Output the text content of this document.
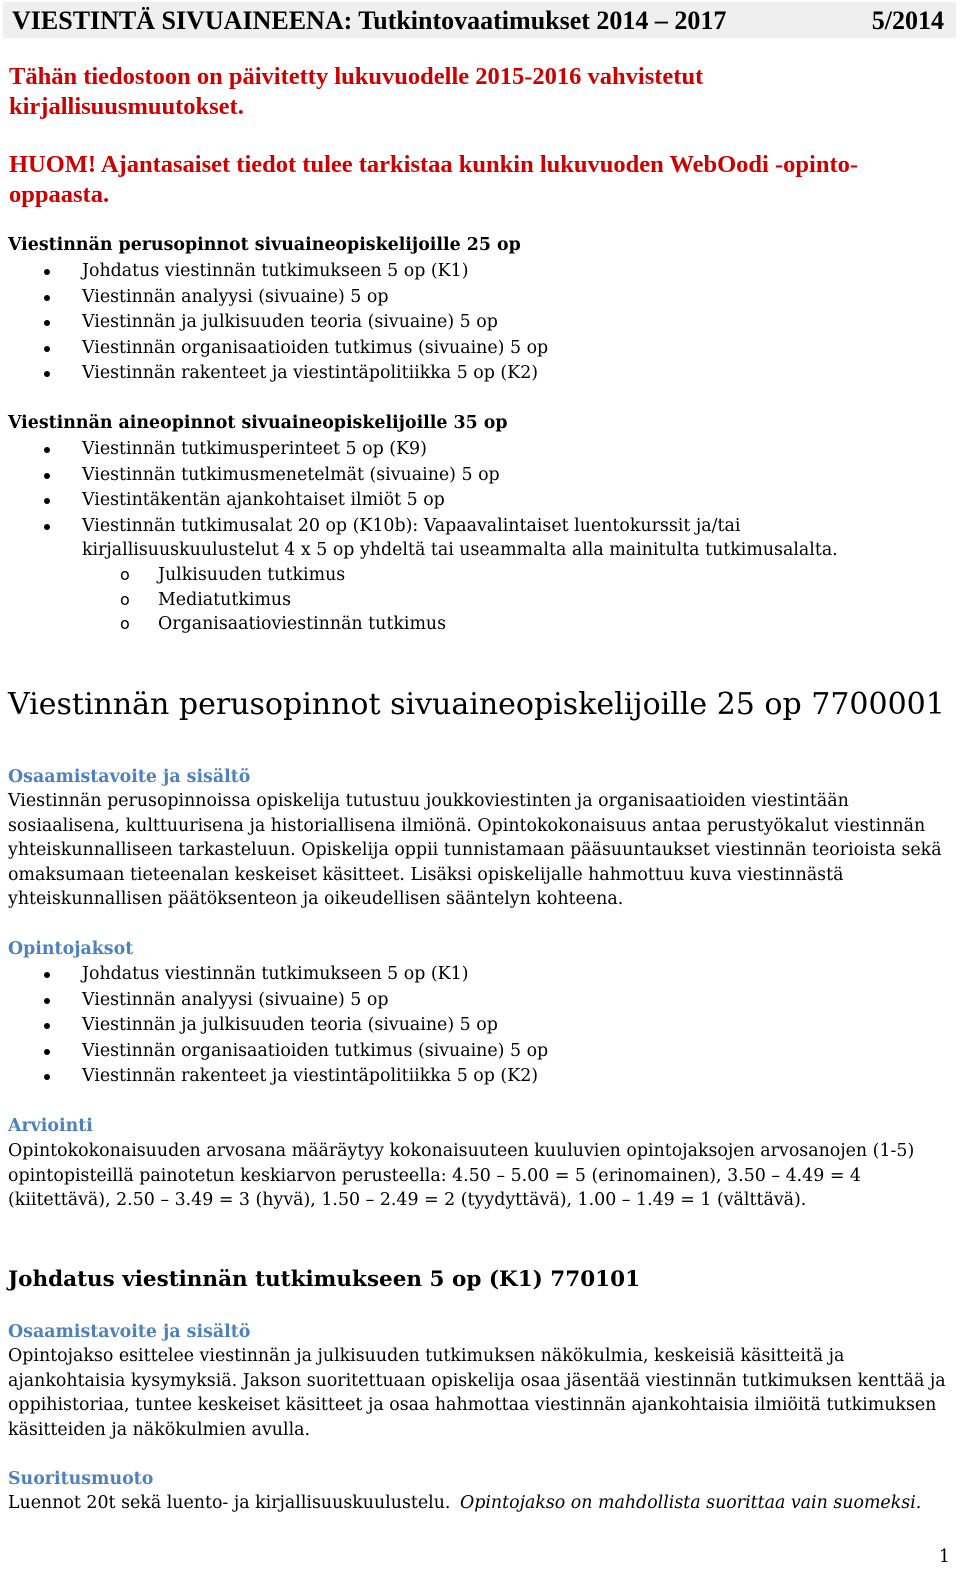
VIESTINTÄ SIVUAINEENA: Tutkintovaatimukset 2014 – 2017	5/2014

Tähän tiedostoon on päivitetty lukuvuodelle 2015-2016 vahvistetut kirjallisuusmuutokset.

HUOM! Ajantasaiset tiedot tulee tarkistaa kunkin lukuvuoden WebOodi -opinto-oppaasta.

Viestinnän perusopinnot sivuaineopiskelijoille 25 op
Johdatus viestinnän tutkimukseen 5 op (K1)
Viestinnän analyysi (sivuaine) 5 op
Viestinnän ja julkisuuden teoria (sivuaine) 5 op
Viestinnän organisaatioiden tutkimus (sivuaine) 5 op
Viestinnän rakenteet ja viestintäpolitiikka 5 op (K2)
Viestinnän aineopinnot sivuaineopiskelijoille 35 op
Viestinnän tutkimusperinteet 5 op (K9)
Viestinnän tutkimusmenetelmät (sivuaine) 5 op
Viestintäkentän ajankohtaiset ilmiöt 5 op
Viestinnän tutkimusalat 20 op (K10b): Vapaavalintaiset luentokurssit ja/tai kirjallisuuskuulustelut 4 x 5 op yhdeltä tai useammalta alla mainitulta tutkimusalalta.
o Julkisuuden tutkimus
o Mediatutkimus
o Organisaatioviestinnän tutkimus
Viestinnän perusopinnot sivuaineopiskelijoille 25 op 7700001
Osaamistavoite ja sisältö

Viestinnän perusopinnoissa opiskelija tutustuu joukkoviestinten ja organisaatioiden viestintään sosiaalisena, kulttuurisena ja historiallisena ilmiönä. Opintokokonaisuus antaa perustyökalut viestinnän yhteiskunnalliseen tarkasteluun. Opiskelija oppii tunnistamaan pääsuuntaukset viestinnän teorioista sekä omaksumaan tieteenalan keskeiset käsitteet. Lisäksi opiskelijalle hahmottuu kuva viestinnästä yhteiskunnallisen päätöksenteon ja oikeudellisen sääntelyn kohteena.

Opintojaksot
Johdatus viestinnän tutkimukseen 5 op (K1)
Viestinnän analyysi (sivuaine) 5 op
Viestinnän ja julkisuuden teoria (sivuaine) 5 op
Viestinnän organisaatioiden tutkimus (sivuaine) 5 op
Viestinnän rakenteet ja viestintäpolitiikka 5 op (K2)
Arviointi

Opintokokonaisuuden arvosana määräytyy kokonaisuuteen kuuluvien opintojaksojen arvosanojen (1-5) opintopisteillä painotetun keskiarvon perusteella: 4.50 – 5.00 = 5 (erinomainen), 3.50 – 4.49 = 4 (kiitettävä), 2.50 – 3.49 = 3 (hyvä), 1.50 – 2.49 = 2 (tyydyttävä), 1.00 – 1.49 = 1 (välttävä).

Johdatus viestinnän tutkimukseen 5 op (K1) 770101
Osaamistavoite ja sisältö

Opintojakso esittelee viestinnän ja julkisuuden tutkimuksen näkökulmia, keskeisiä käsitteitä ja ajankohtaisia kysymyksiä. Jakson suoritettuaan opiskelija osaa jäsentää viestinnän tutkimuksen kenttää ja oppihistoriaa, tuntee keskeiset käsitteet ja osaa hahmottaa viestinnän ajankohtaisia ilmiöitä tutkimuksen käsitteiden ja näkökulmien avulla.

Suoritusmuoto
Luennot 20t sekä luento- ja kirjallisuuskuulustelu. Opintojakso on mahdollista suorittaa vain suomeksi.
1
